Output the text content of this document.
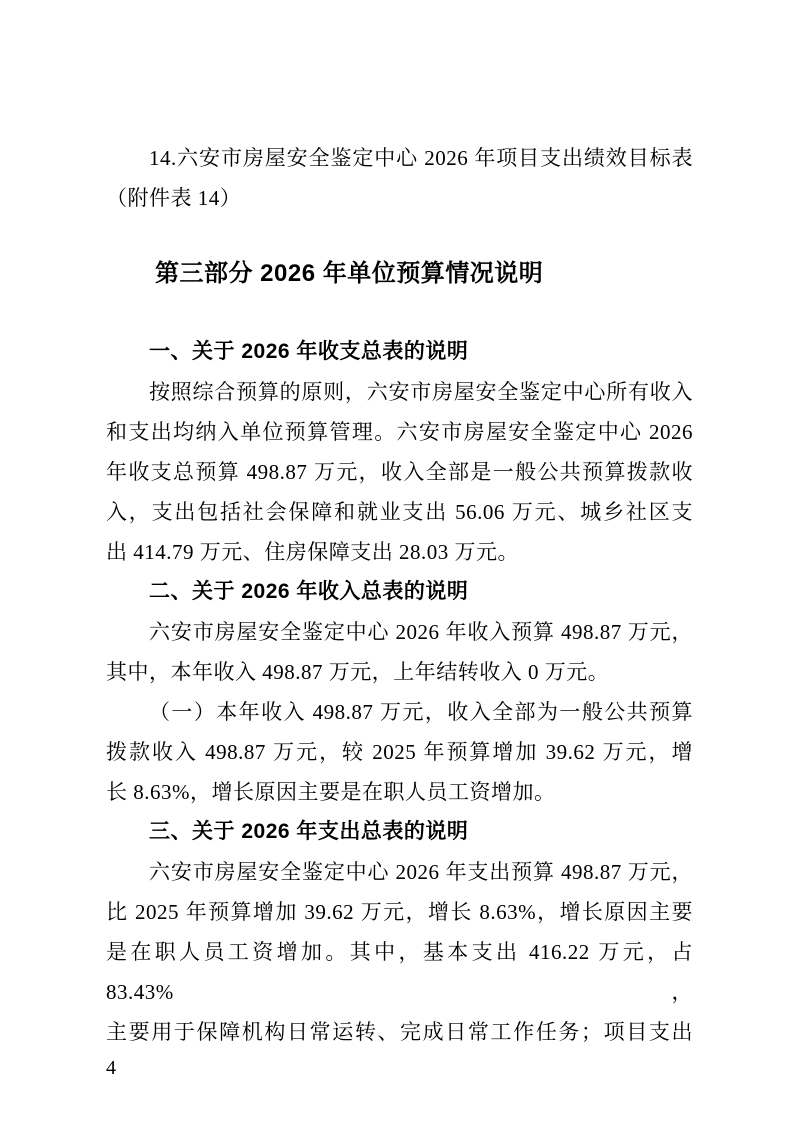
14.六安市房屋安全鉴定中心 2026 年项目支出绩效目标表
（附件表 14）
第三部分 2026 年单位预算情况说明
一、关于 2026 年收支总表的说明
按照综合预算的原则，六安市房屋安全鉴定中心所有收入
和支出均纳入单位预算管理。六安市房屋安全鉴定中心 2026
年收支总预算 498.87 万元，收入全部是一般公共预算拨款收
入，支出包括社会保障和就业支出 56.06 万元、城乡社区支
出 414.79 万元、住房保障支出 28.03 万元。
二、关于 2026 年收入总表的说明
六安市房屋安全鉴定中心 2026 年收入预算 498.87 万元，
其中，本年收入 498.87 万元，上年结转收入 0 万元。
（一）本年收入 498.87 万元，收入全部为一般公共预算
拨款收入 498.87 万元，较 2025 年预算增加 39.62 万元，增
长 8.63%，增长原因主要是在职人员工资增加。
三、关于 2026 年支出总表的说明
六安市房屋安全鉴定中心 2026 年支出预算 498.87 万元，
比 2025 年预算增加 39.62 万元，增长 8.63%，增长原因主要
是在职人员工资增加。其中，基本支出 416.22 万元，占 83.43%，
主要用于保障机构日常运转、完成日常工作任务；项目支出
4
